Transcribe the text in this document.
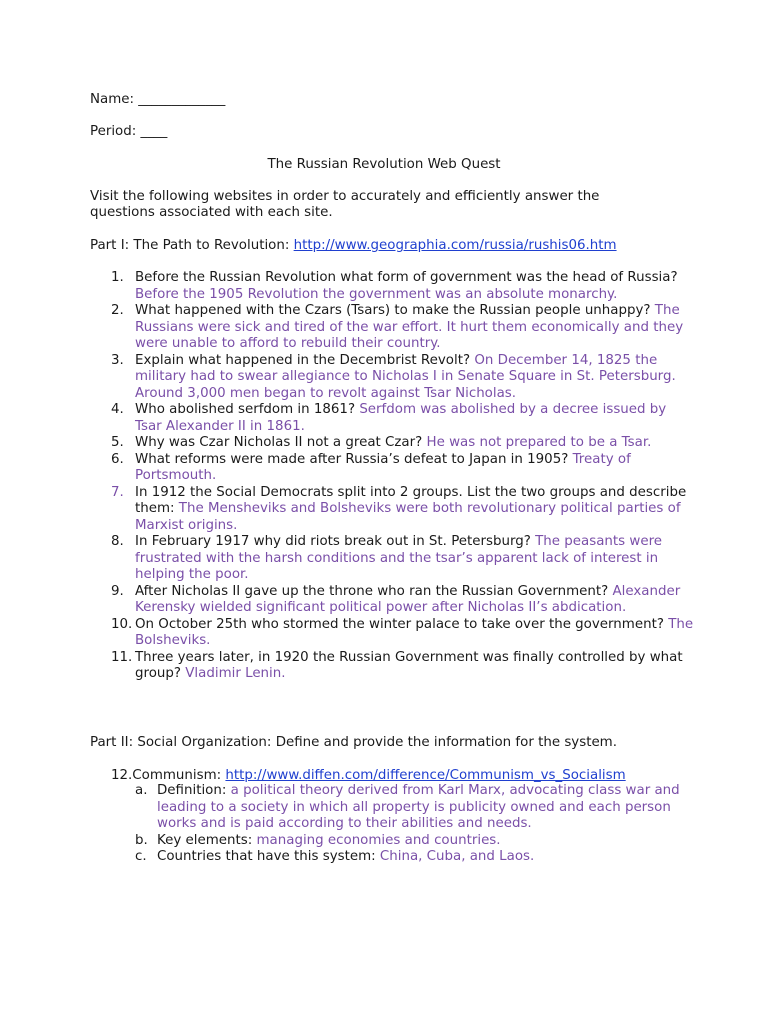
Name: _____________
Period: ____
The Russian Revolution Web Quest
Visit the following websites in order to accurately and efficiently answer the
questions associated with each site.
Part I: The Path to Revolution: http://www.geographia.com/russia/rushis06.htm
1. Before the Russian Revolution what form of government was the head of Russia? Before the 1905 Revolution the government was an absolute monarchy.
2. What happened with the Czars (Tsars) to make the Russian people unhappy? The Russians were sick and tired of the war effort. It hurt them economically and they were unable to afford to rebuild their country.
3. Explain what happened in the Decembrist Revolt? On December 14, 1825 the military had to swear allegiance to Nicholas I in Senate Square in St. Petersburg. Around 3,000 men began to revolt against Tsar Nicholas.
4. Who abolished serfdom in 1861? Serfdom was abolished by a decree issued by Tsar Alexander II in 1861.
5. Why was Czar Nicholas II not a great Czar? He was not prepared to be a Tsar.
6. What reforms were made after Russia’s defeat to Japan in 1905? Treaty of Portsmouth.
7. In 1912 the Social Democrats split into 2 groups. List the two groups and describe them: The Mensheviks and Bolsheviks were both revolutionary political parties of Marxist origins.
8. In February 1917 why did riots break out in St. Petersburg? The peasants were frustrated with the harsh conditions and the tsar’s apparent lack of interest in helping the poor.
9. After Nicholas II gave up the throne who ran the Russian Government? Alexander Kerensky wielded significant political power after Nicholas II’s abdication.
10. On October 25th who stormed the winter palace to take over the government? The Bolsheviks.
11. Three years later, in 1920 the Russian Government was finally controlled by what group? Vladimir Lenin.
Part II: Social Organization: Define and provide the information for the system.
12.Communism: http://www.diffen.com/difference/Communism_vs_Socialism
a. Definition: a political theory derived from Karl Marx, advocating class war and leading to a society in which all property is publicity owned and each person works and is paid according to their abilities and needs.
b. Key elements: managing economies and countries.
c. Countries that have this system: China, Cuba, and Laos.
